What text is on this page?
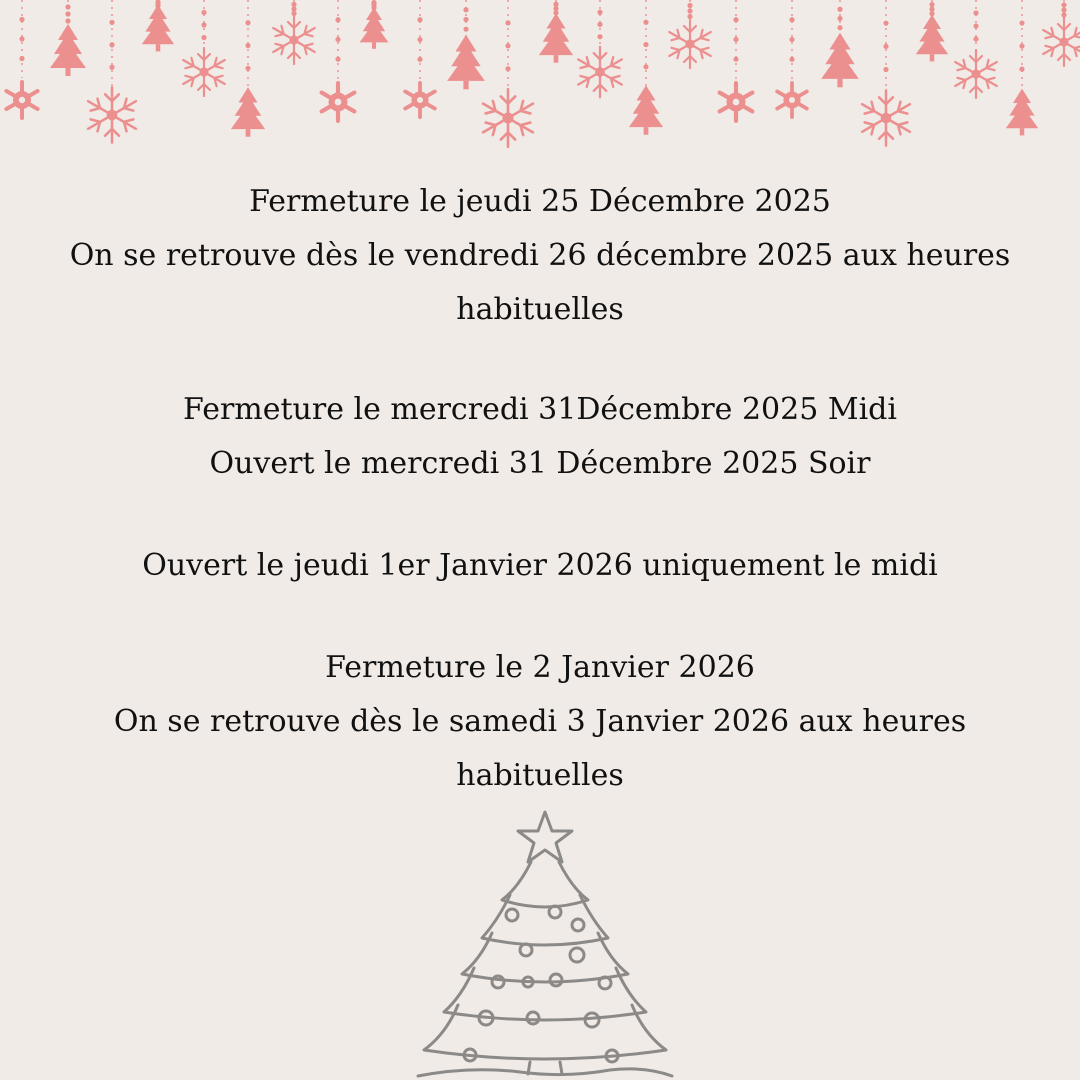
Fermeture le jeudi 25 Décembre 2025

On se retrouve dès le vendredi 26 décembre 2025 aux heures

habituelles

Fermeture le mercredi 31Décembre 2025 Midi

Ouvert le mercredi 31 Décembre 2025 Soir

Ouvert le jeudi 1er Janvier 2026 uniquement le midi

Fermeture le 2 Janvier 2026

On se retrouve dès le samedi 3 Janvier 2026 aux heures

habituelles
